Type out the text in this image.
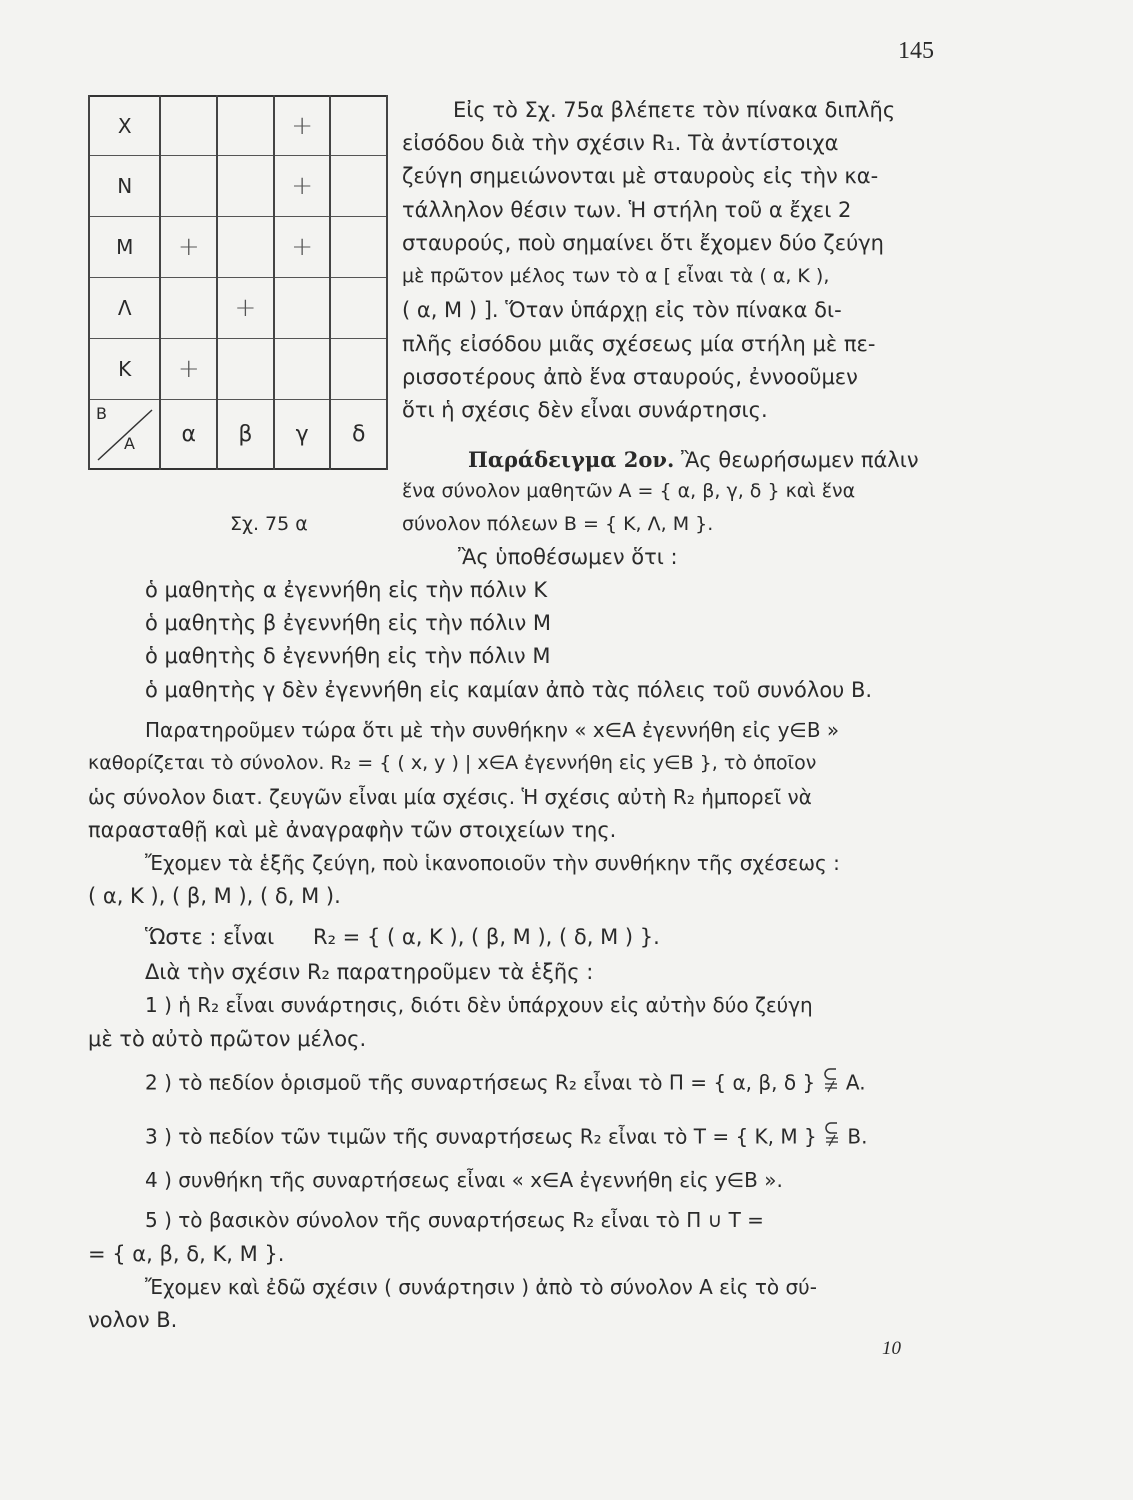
145
X			+	
N			+	
M	+		+	
Λ		+		
K	+			

B
A	α	β	γ	δ
Σχ. 75 α
Εἰς τὸ Σχ. 75α βλέπετε τὸν πίνακα διπλῆς
εἰσόδου διὰ τὴν σχέσιν R₁. Τὰ ἀντίστοιχα
ζεύγη σημειώνονται μὲ σταυροὺς εἰς τὴν κα-
τάλληλον θέσιν των. Ἡ στήλη τοῦ α ἔχει 2
σταυρούς, ποὺ σημαίνει ὅτι ἔχομεν δύο ζεύγη
μὲ πρῶτον μέλος των τὸ α [ εἶναι τὰ ( α, Κ ),
( α, Μ ) ]. Ὅταν ὑπάρχῃ εἰς τὸν πίνακα δι-
πλῆς εἰσόδου μιᾶς σχέσεως μία στήλη μὲ πε-
ρισσοτέρους ἀπὸ ἕνα σταυρούς, ἐννοοῦμεν
ὅτι ἡ σχέσις δὲν εἶναι συνάρτησις.
Παράδειγμα 2ον. Ἂς θεωρήσωμεν πάλιν
ἕνα σύνολον μαθητῶν A = { α, β, γ, δ } καὶ ἕνα
σύνολον πόλεων B = { K, Λ, M }.
Ἂς ὑποθέσωμεν ὅτι :
ὁ μαθητὴς α ἐγεννήθη εἰς τὴν πόλιν K
ὁ μαθητὴς β ἐγεννήθη εἰς τὴν πόλιν M
ὁ μαθητὴς δ ἐγεννήθη εἰς τὴν πόλιν M
ὁ μαθητὴς γ δὲν ἐγεννήθη εἰς καμίαν ἀπὸ τὰς πόλεις τοῦ συνόλου B.
Παρατηροῦμεν τώρα ὅτι μὲ τὴν συνθήκην « x∈A ἐγεννήθη εἰς y∈B »
καθορίζεται τὸ σύνολον. R₂ = { ( x, y ) | x∈A ἐγεννήθη εἰς y∈B }, τὸ ὁποῖον
ὡς σύνολον διατ. ζευγῶν εἶναι μία σχέσις. Ἡ σχέσις αὐτὴ R₂ ἠμπορεῖ νὰ
παρασταθῇ καὶ μὲ ἀναγραφὴν τῶν στοιχείων της.
Ἔχομεν τὰ ἑξῆς ζεύγη, ποὺ ἱκανοποιοῦν τὴν συνθήκην τῆς σχέσεως :
( α, K ), ( β, M ), ( δ, M ).
Ὥστε : εἶναι R₂ = { ( α, K ), ( β, M ), ( δ, M ) }.
Διὰ τὴν σχέσιν R₂ παρατηροῦμεν τὰ ἑξῆς :
1 ) ἡ R₂ εἶναι συνάρτησις, διότι δὲν ὑπάρχουν εἰς αὐτὴν δύο ζεύγη
μὲ τὸ αὐτὸ πρῶτον μέλος.
2 ) τὸ πεδίον ὁρισμοῦ τῆς συναρτήσεως R₂ εἶναι τὸ Π = { α, β, δ } A.
3 ) τὸ πεδίον τῶν τιμῶν τῆς συναρτήσεως R₂ εἶναι τὸ T = { K, M } B.
4 ) συνθήκη τῆς συναρτήσεως εἶναι « x∈A ἐγεννήθη εἰς y∈B ».
5 ) τὸ βασικὸν σύνολον τῆς συναρτήσεως R₂ εἶναι τὸ Π ∪ T =
= { α, β, δ, K, M }.
Ἔχομεν καὶ ἐδῶ σχέσιν ( συνάρτησιν ) ἀπὸ τὸ σύνολον A εἰς τὸ σύ-
νολον B.
10
